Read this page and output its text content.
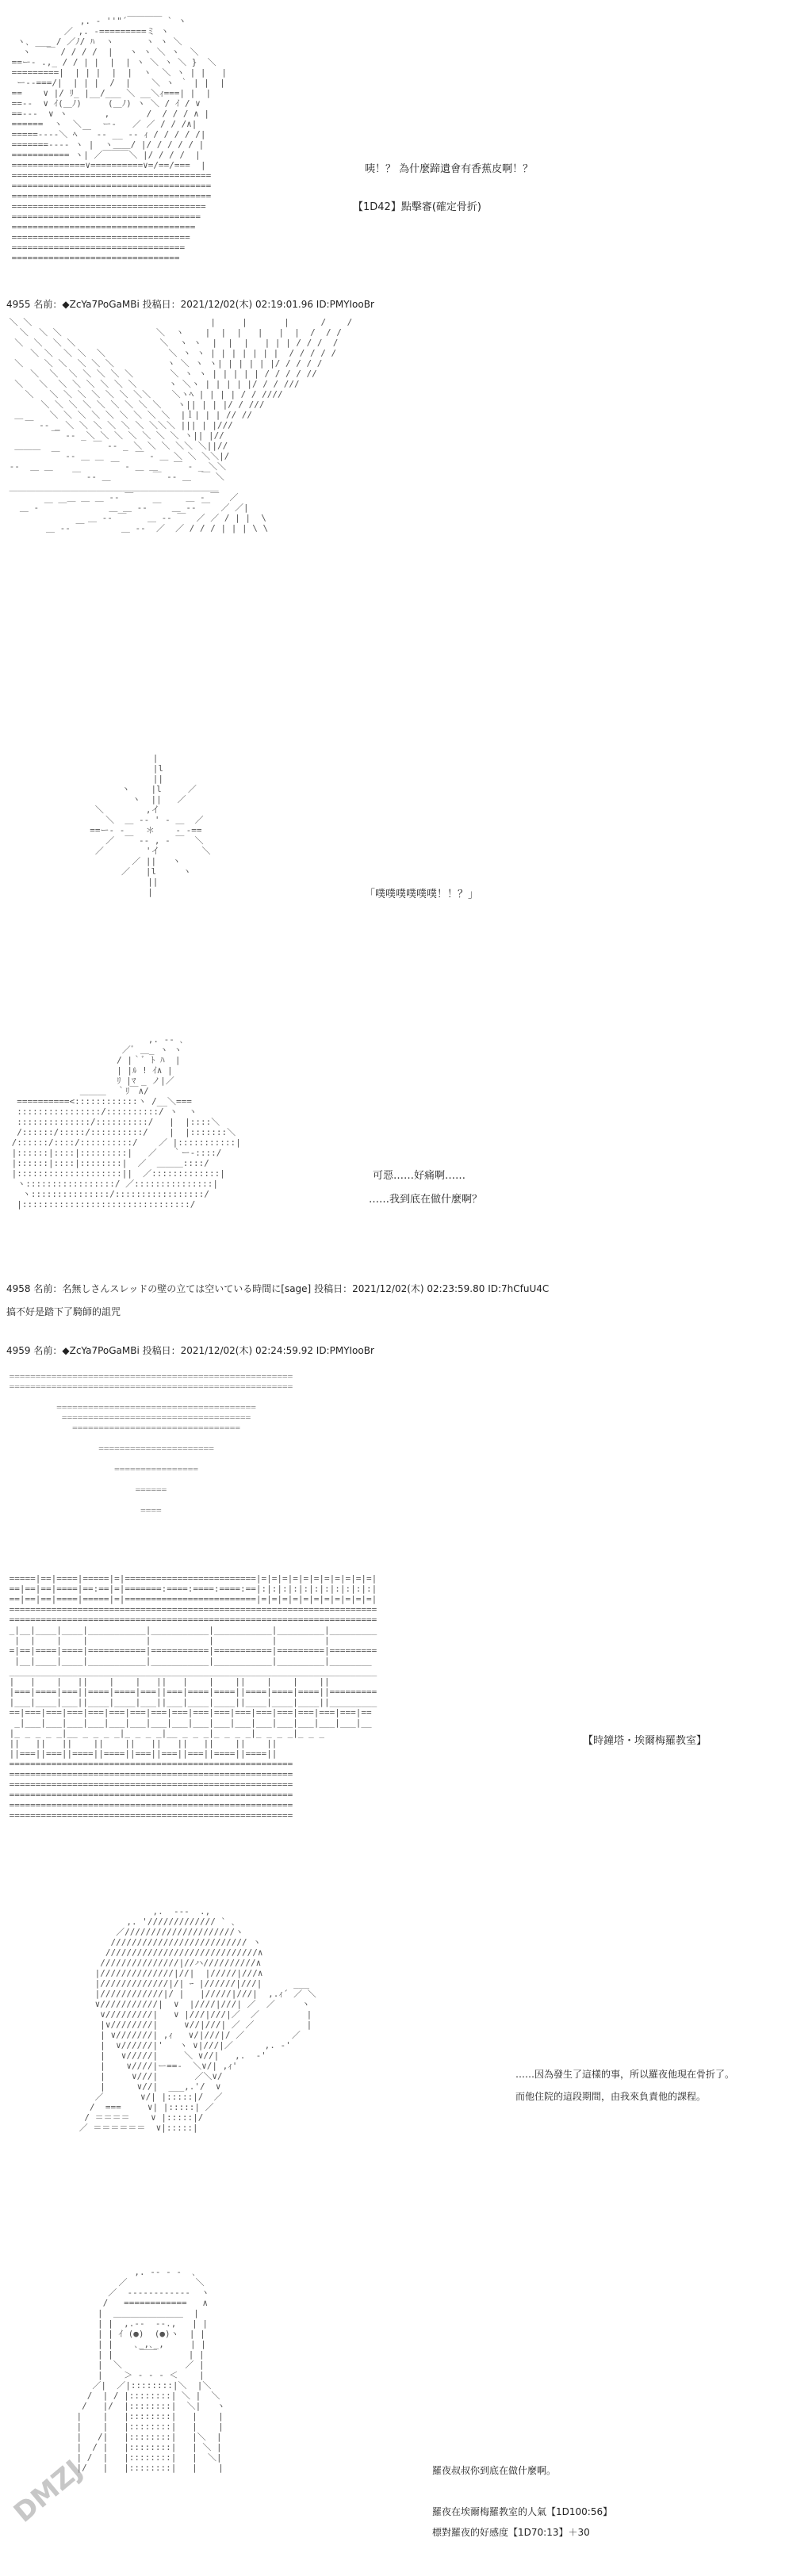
,. ‐ ''"´￣￣￣￣ ` ヽ
／ ,. ‐=========ミ ヽ
ヽ､ ___ / ／ﾉ/ ﾊ  ヽ      ヽ ヽ ＼
ヽ   ￣ / / / /  |   ヽ ヽ ＼ ヽ  ＼
==ー- .,_ / / | |  |  | ヽ ＼ ヽ ＼ }  ＼
=========|  | | |  |  |  ヽ  ＼ ヽ | |   |
ー--===/|  | | |  /  |    ＼ ヽ ｀ | |  |
==    ∨ |/ ﾘ_ |__/___ ＼ __＼ｨ===| |  |
==-‐  ∨ ｲ(＿ﾉ)     (＿ﾉ) ヽ ＼ / ｲ / ∨
==---  ∨ ヽ       ,       /  / / / ∧ |
======  ヽ  ＼    ー‐   ／ ／ / / /∧|
=====----＼ ﾍ ￣ ‐- __ -‐ ｨ / / / / /|
=======---- ヽ |  ヽ＿＿/ |/ / / / / |
=========== ヽ| ／￣￣￣＼ |/ / / /  |
==============∨==========∨=/==/===  |
======================================
======================================
======================================
=====================================
====================================
===================================
==================================
=================================
================================

咦！？ 為什麼蹄遺會有香蕉皮啊！？

【1D42】點擊審(確定骨折)

4955 名前：◆ZcYa7PoGaMBi 投稿日：2021/12/02(木) 02:19:01.96 ID:PMYIooBr

＼ ＼                                  |     |       |      /    /
＼  ＼ ＼                  ＼  ヽ    |  |  |   |   |  |  /  / /
＼  ＼  ＼ ＼                ＼  ヽ ヽ  |  |  |   | | | / / /  /
＼ ＼  ＼ ＼  ＼            ＼ ヽ ヽ | | | | | | |  / / / / /
＼    ＼ ＼  ＼ ＼ ＼          ヽ ＼ ヽ ヽ| | | | | |/ / / / /
＼  ＼  ＼ ＼ ＼ ＼ ＼       ＼ ヽ ヽ | | | | | / / / / //
＼   ＼  ＼ ＼ ＼ ＼ ＼ ＼      ヽ ＼ヽ | | | | |/ / / ///
＼   ＼ ＼ ＼ ＼ ＼ ＼ ＼＼    ＼ヽﾍ | | | | / / ////
＼ ＼ ＼ ＼ ＼ ＼ ＼ ＼ ＼   ヽ|| | | |/ / ///
＿     ＼ ＼ ＼ ＼ ＼ ＼ ＼ ＼ ＼  |ｌ| | | // //
￣ ‐- _ ＼ ＼ ＼ ＼ ＼ ＼ ＼＼＼ ||| | |///
￣ ‐- _＼ ＼ ＼ ＼ ＼ ＼ ＼ ヽ|| |//
＿＿＿          ￣ -‐ _ ＼ ＼ ＼ ＼＼ ＼||//
￣ ‐- ＿ ＿      ￣ - ＿ ＼ ＼ ＼＼|/
‐-  ＿ ＿           ￣ - ＿ ＿   ￣ ‐ _ ＼＼
￣ ‐- ＿        ￣ ‐- ＿  ￣ ＼
＿＿＿＿＿＿＿＿＿＿＿＿＿＿＿＿＿＿＿＿＿＿＿＿
＿ ＿ ＿ -‐ ￣          ＿ ‐ ￣  ／
＿ ‐ ￣ ￣        ＿ ＿ -‐ ￣  ＿ -‐ ￣  ／ ／|
＿ -‐ ￣    ＿ -‐ ￣  ／ ／ / | |  \
＿ -‐ ￣       ＿ -‐  ／  ／ / / / | | | \ \

|
|l
||
ヽ    |l     ／
ヽ  ||   ／
＼        ,イ
＼  ＿ -‐ ' ‐ ＿  ／
==ー‐ -    ＊    - ‐==
／  ￣ -‐ , ‐ ￣  ＼
／        'イ        ＼
／ ||   ヽ
／   |l     ヽ
||
|	「噗噗噗噗噗噗！！？」

,. -‐ ､
／ﾞ ＿_ ヽ ヽ
/ |｀ﾞ ﾄ ﾊ  |
| |ﾙ ! ｲ∧ |
ﾘ |ﾏ _ ノ|／
＿＿＿  ｀ﾘ￣∧/
==========<::::::::::::ヽ /__＼===
::::::::::::::::/::::::::::/ ヽ  ヽ
::::::::::::::/::::::::::/   |  |::::＼
/::::::/:::::/::::::::::/    |  |:::::::＼
/::::::/::::/::::::::::/    ／ |:::::::::::|
|::::::|::::|:::::::::|   ／   ｀ー-::::/
|::::::|::::|::::::::|  ／  ＿＿＿::::/
|::::::::::::::::::::||  ／:::::::::::::|
ヽ:::::::::::::::::/ ／:::::::::::::::|
ヽ:::::::::::::::/:::::::::::::::::/
|::::::::::::::::::::::::::::::::/

可惡……好痛啊……

……我到底在做什麼啊？

4958 名前：名無しさんスレッドの壁の立ては空いている時間に[sage] 投稿日：2021/12/02(木) 02:23:59.80 ID:7hCfuU4C

搞不好是踏下了騎師的詛咒

4959 名前：◆ZcYa7PoGaMBi 投稿日：2021/12/02(木) 02:24:59.92 ID:PMYIooBr

======================================================
======================================================

======================================
====================================
================================

======================

================

======

====

=====|==|====|=====|=|=========================|=|=|=|=|=|=|=|=|=|=|=|
==|==|==|====|==:==|=|=======:====:====:====:==|:|:|:|:|:|:|:|:|:|:|:|
==|==|==|====|=====|=|=========================|=|=|=|=|=|=|=|=|=|=|=|
======================================================================
======================================================================
_|__|____|____|___________|___________|___________|_________|_________
|  |    |    |           |           |           |         |
=|==|====|====|===========|===========|===========|=========|=========
|__|____|____|___________|___________|___________|_________|________
______________________________________________________________________
|   |    |   ||    |    |   ||   |    |    ||    |    |    ||
|===|====|===||====|====|===||===|====|====||====|====|====||=========
|___|____|___||____|____|___||___|____|____||____|____|____||_________
==|===|===|===|===|===|===|===|===|===|===|===|===|===|===|===|===|==
_|___|___|___|___|___|___|___|___|___|___|___|___|___|___|___|___|__
|_ _ _ _ _|__ _ _ _ _|_ _ _ _|__ _ _ _|_ _ _ _|_ _ _ _|_ _ _
||   ||   ||    ||    ||   ||   ||   ||    ||    ||
||===||===||====||====||===||===||===||====||====||
======================================================
======================================================
======================================================
======================================================
======================================================
======================================================

【時鐘塔・埃爾梅羅教室】

,.  ---  .,
,. '///////////// ` ､
／/////////////////////ヽ
////////////////////////// ヽ
/////////////////////////////∧
///////////////|//ハ//////////∧
|//////////////|//|  |/////|///∧
|/////////////|/| ｰ |//////|///|      ___
|////////////|/ |   |/////|///|  ,.ｨ´ ／ ＼
∨///////////|  ∨  |////|///| ／  ／     ヽ
∨/////////|   ∨ |///|///|／  ／         |
|∨////////|     ∨//|///| ／ ／          |
| ∨///////| ,ｨ   ∨/|///|/ ／         ／
|  ∨//////|'   ヽ ∨|///|／      ,. ‐'
|   ∨/////|     ＼ ∨//|   ,.  ‐'
|    ∨////|ー==-  ＼∨/| ,ｨ'
|     ∨///|       ／＼∨/
|      ∨//|  ___,.'/  ∨
／       ∨/| |:::::|/  ／
/  ===     ∨| |:::::| ／
/ ＝＝＝＝    ∨ |:::::|/
／ ＝＝＝＝＝＝  ∨|:::::|

……因為發生了這樣的事，所以羅夜他現在骨折了。

而他住院的這段期間，由我來負責他的課程。

,. -‐ ‐ ‐  ､
／             ＼
／  ‐‐‐‐‐‐‐‐‐‐‐‐  ヽ
/   ============   ∧
|  ＿＿＿＿＿＿＿＿  |
| |  ,.-‐  ‐-.,   | |
| | ｲ (●)  (●)ヽ  | |
| |    ､_,､_,     | |
| |     ￣￣      | |
|  ＼            ／ |
|    ＞ - ‐ - ＜    |
／|  ／|::::::::|＼  |＼
/  | / |::::::::| ＼ |  ＼
/   |/  |::::::::|  ＼|   ヽ
|    |   |::::::::|   |    |
|    |   |::::::::|   |    |
|   /|   |::::::::|   |＼  |
|  / |   |::::::::|   | ＼ |
| /  |   |::::::::|   |  ＼|
|/   |   |::::::::|   |    |	羅夜叔叔你到底在做什麼啊。

羅夜在埃爾梅羅教室的人氣【1D100:56】

標對羅夜的好感度【1D70:13】＋30

DMZJ
